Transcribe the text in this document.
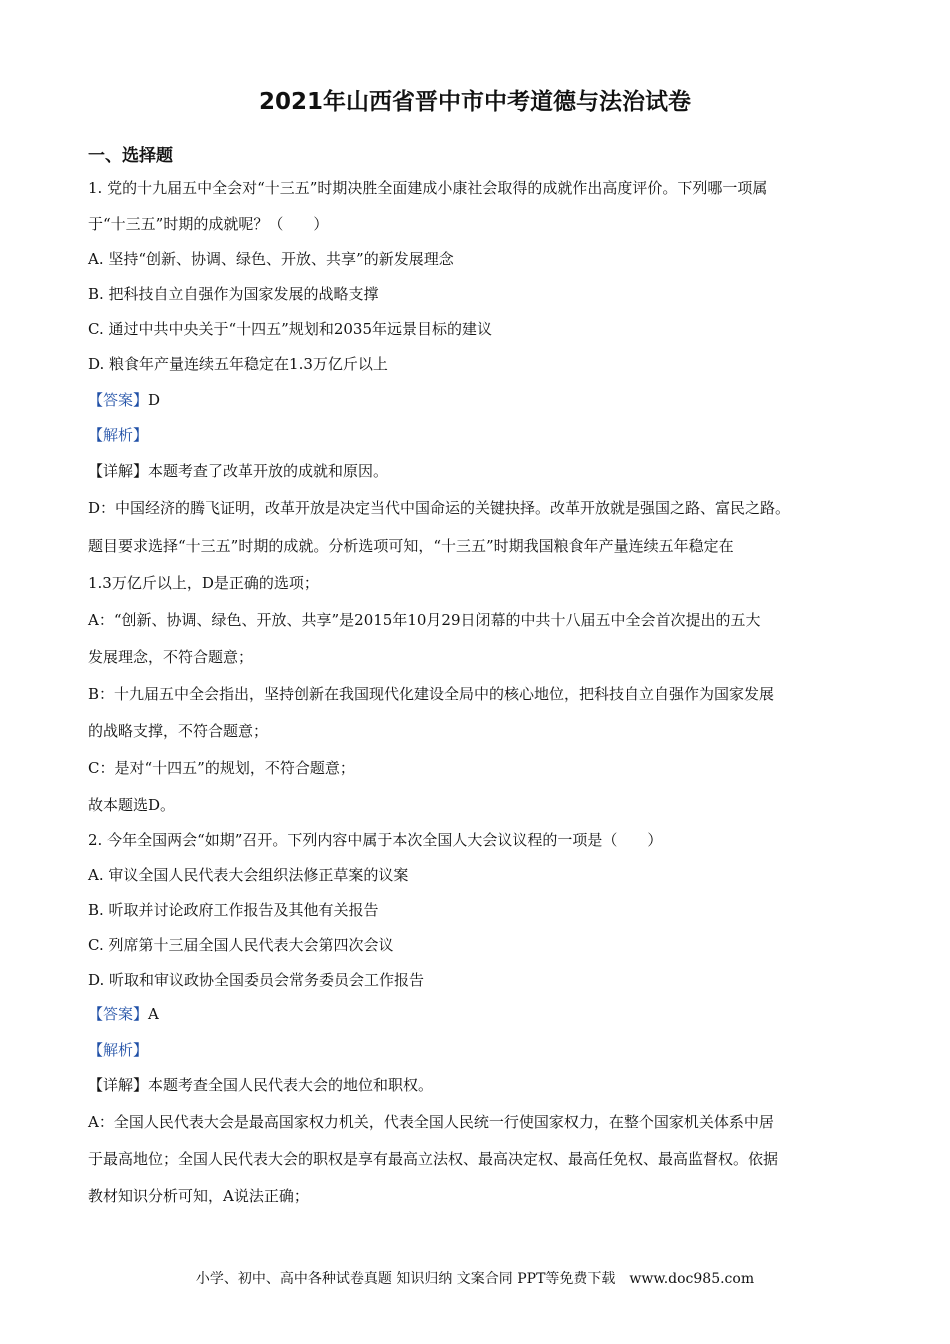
2021年山西省晋中市中考道德与法治试卷
一、选择题
1. 党的十九届五中全会对“十三五”时期决胜全面建成小康社会取得的成就作出高度评价。下列哪一项属
于“十三五”时期的成就呢？（　　）
A. 坚持“创新、协调、绿色、开放、共享”的新发展理念
B. 把科技自立自强作为国家发展的战略支撑
C. 通过中共中央关于“十四五”规划和2035年远景目标的建议
D. 粮食年产量连续五年稳定在1.3万亿斤以上
【答案】D
【解析】
【详解】本题考查了改革开放的成就和原因。
D：中国经济的腾飞证明，改革开放是决定当代中国命运的关键抉择。改革开放就是强国之路、富民之路。
题目要求选择“十三五”时期的成就。分析选项可知，“十三五”时期我国粮食年产量连续五年稳定在
1.3万亿斤以上，D是正确的选项；
A：“创新、协调、绿色、开放、共享”是2015年10月29日闭幕的中共十八届五中全会首次提出的五大
发展理念，不符合题意；
B：十九届五中全会指出，坚持创新在我国现代化建设全局中的核心地位，把科技自立自强作为国家发展
的战略支撑，不符合题意；
C：是对“十四五”的规划，不符合题意；
故本题选D。
2. 今年全国两会“如期”召开。下列内容中属于本次全国人大会议议程的一项是（　　）
A. 审议全国人民代表大会组织法修正草案的议案
B. 听取并讨论政府工作报告及其他有关报告
C. 列席第十三届全国人民代表大会第四次会议
D. 听取和审议政协全国委员会常务委员会工作报告
【答案】A
【解析】
【详解】本题考查全国人民代表大会的地位和职权。
A：全国人民代表大会是最高国家权力机关，代表全国人民统一行使国家权力，在整个国家机关体系中居
于最高地位；全国人民代表大会的职权是享有最高立法权、最高决定权、最高任免权、最高监督权。依据
教材知识分析可知，A说法正确；
小学、初中、高中各种试卷真题 知识归纳 文案合同 PPT等免费下载　www.doc985.com
